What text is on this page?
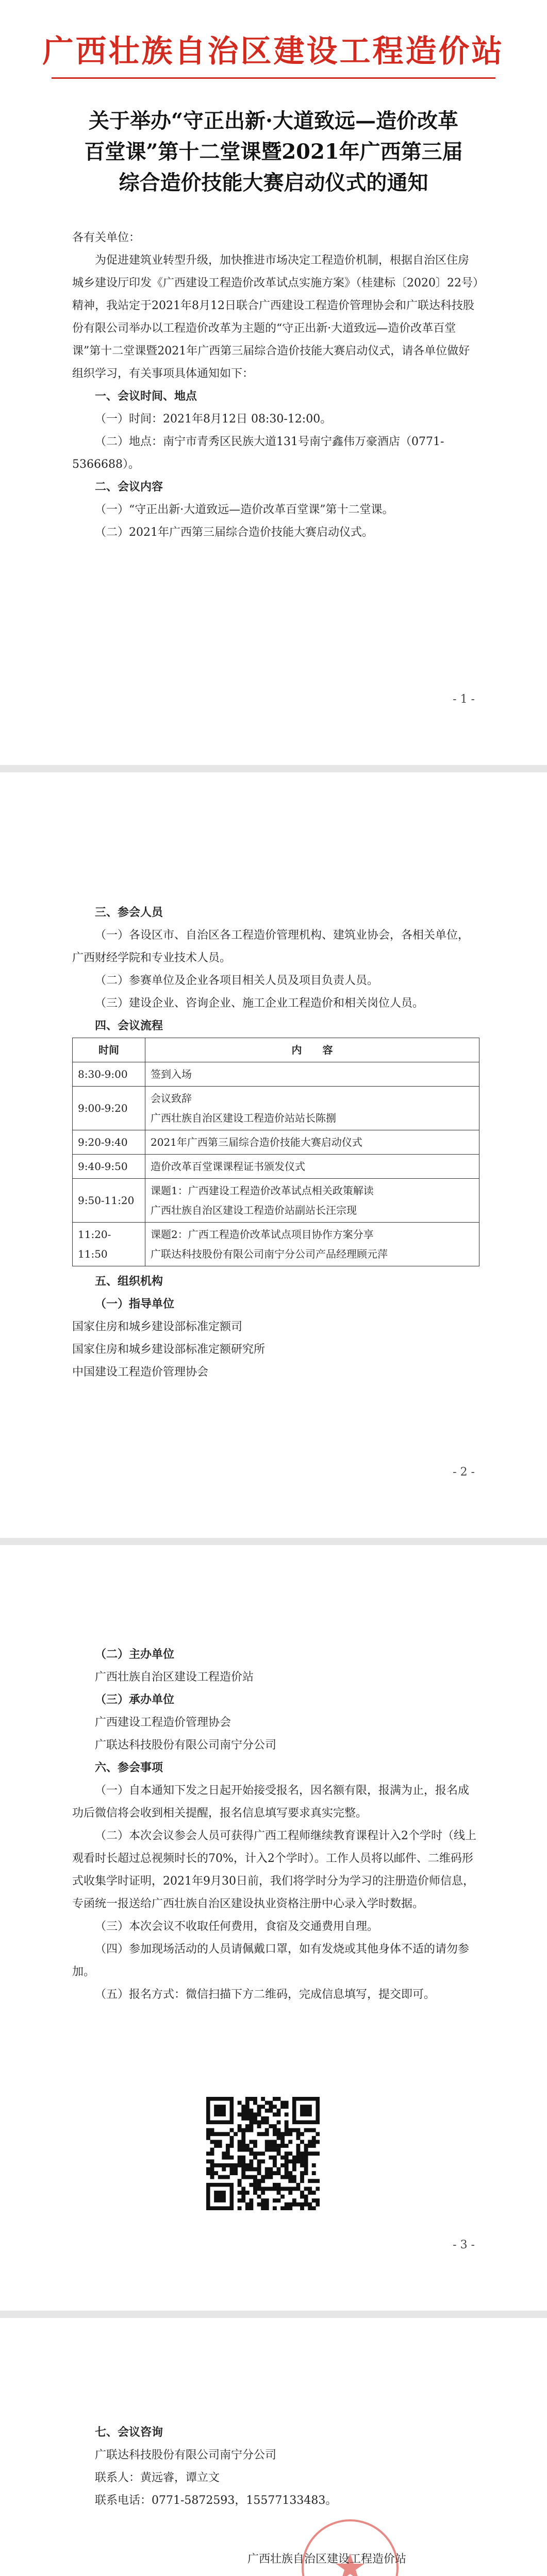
广西壮族自治区建设工程造价站
关于举办“守正出新·大道致远—造价改革
百堂课”第十二堂课暨2021年广西第三届
综合造价技能大赛启动仪式的通知
各有关单位：
为促进建筑业转型升级，加快推进市场决定工程造价机制，根据自治区住房城乡建设厅印发《广西建设工程造价改革试点实施方案》（桂建标〔2020〕22号）精神，我站定于2021年8月12日联合广西建设工程造价管理协会和广联达科技股份有限公司举办以工程造价改革为主题的“守正出新·大道致远—造价改革百堂课”第十二堂课暨2021年广西第三届综合造价技能大赛启动仪式，请各单位做好组织学习，有关事项具体通知如下：
一、会议时间、地点
（一）时间：2021年8月12日 08:30-12:00。
（二）地点：南宁市青秀区民族大道131号南宁鑫伟万豪酒店（0771-5366688）。
二、会议内容
（一）“守正出新·大道致远—造价改革百堂课”第十二堂课。
（二）2021年广西第三届综合造价技能大赛启动仪式。
- 1 -
三、参会人员
（一）各设区市、自治区各工程造价管理机构、建筑业协会，各相关单位，广西财经学院和专业技术人员。
（二）参赛单位及企业各项目相关人员及项目负责人员。
（三）建设企业、咨询企业、施工企业工程造价和相关岗位人员。
四、会议流程
时间	内　　容
8:30-9:00	签到入场
9:00-9:20	会议致辞
广西壮族自治区建设工程造价站站长陈捌
9:20-9:40	2021年广西第三届综合造价技能大赛启动仪式
9:40-9:50	造价改革百堂课课程证书颁发仪式
9:50-11:20	课题1：广西建设工程造价改革试点相关政策解读
广西壮族自治区建设工程造价站副站长汪宗现
11:20-11:50	课题2：广西工程造价改革试点项目协作方案分享
广联达科技股份有限公司南宁分公司产品经理顾元萍
五、组织机构
（一）指导单位
国家住房和城乡建设部标准定额司
国家住房和城乡建设部标准定额研究所
中国建设工程造价管理协会
- 2 -
（二）主办单位
广西壮族自治区建设工程造价站
（三）承办单位
广西建设工程造价管理协会
广联达科技股份有限公司南宁分公司
六、参会事项
（一）自本通知下发之日起开始接受报名，因名额有限，报满为止，报名成功后微信将会收到相关提醒，报名信息填写要求真实完整。
（二）本次会议参会人员可获得广西工程师继续教育课程计入2个学时（线上观看时长超过总视频时长的70%，计入2个学时）。工作人员将以邮件、二维码形式收集学时证明，2021年9月30日前，我们将学时分为学习的注册造价师信息，专函统一报送给广西壮族自治区建设执业资格注册中心录入学时数据。
（三）本次会议不收取任何费用，食宿及交通费用自理。
（四）参加现场活动的人员请佩戴口罩，如有发烧或其他身体不适的请勿参加。
（五）报名方式：微信扫描下方二维码，完成信息填写，提交即可。
- 3 -
七、会议咨询
广联达科技股份有限公司南宁分公司
联系人：黄远睿，谭立文
联系电话：0771-5872593，15577133483。
广西壮族自治区建设工程造价站
